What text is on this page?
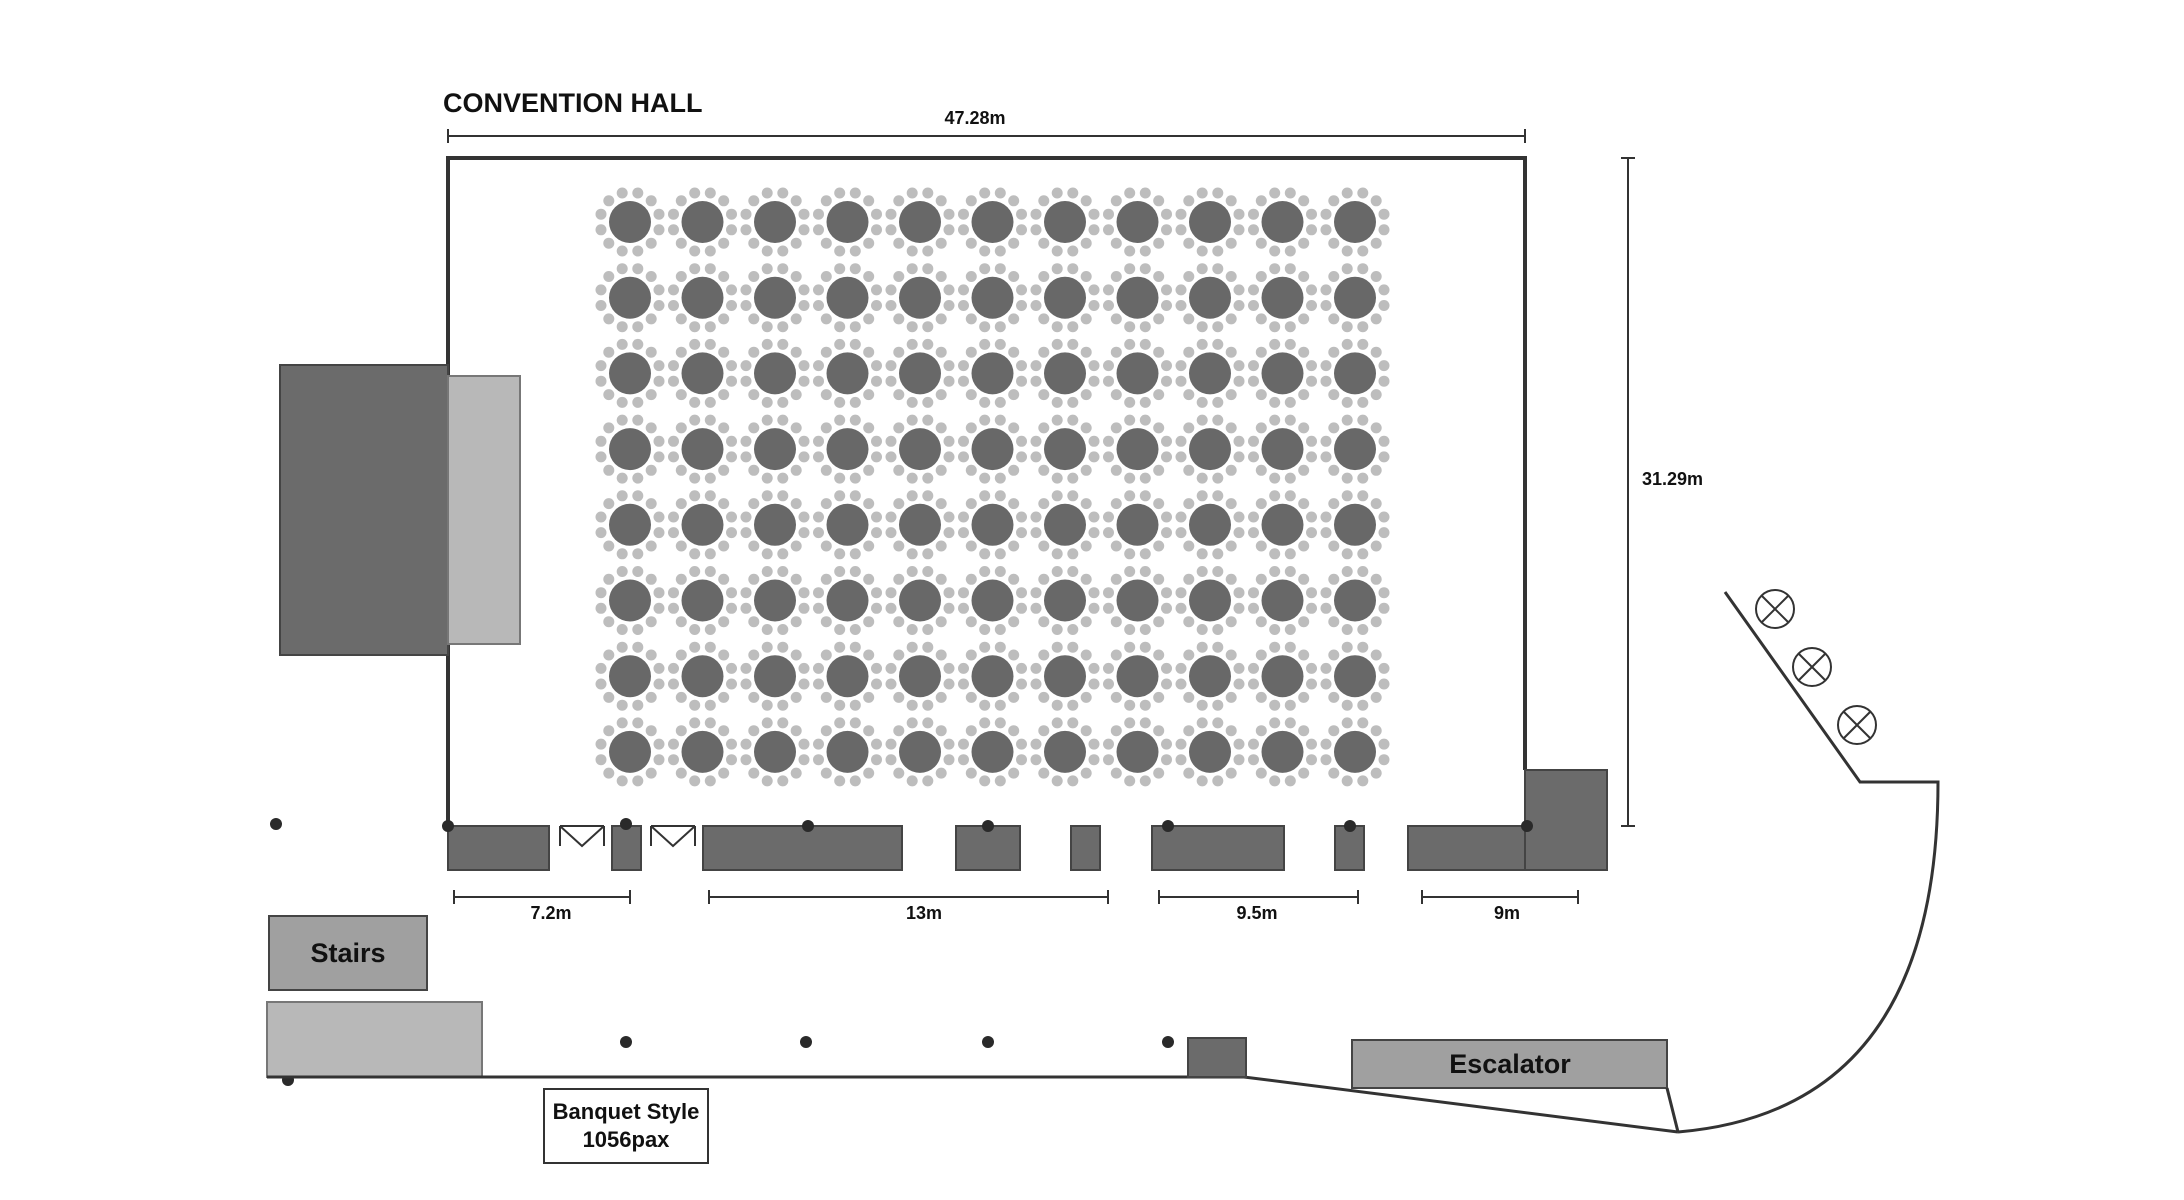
CONVENTION HALL	47.28m
31.29m
7.2m	13m	9.5m	9m
Stairs
Escalator
Banquet Style
1056pax
